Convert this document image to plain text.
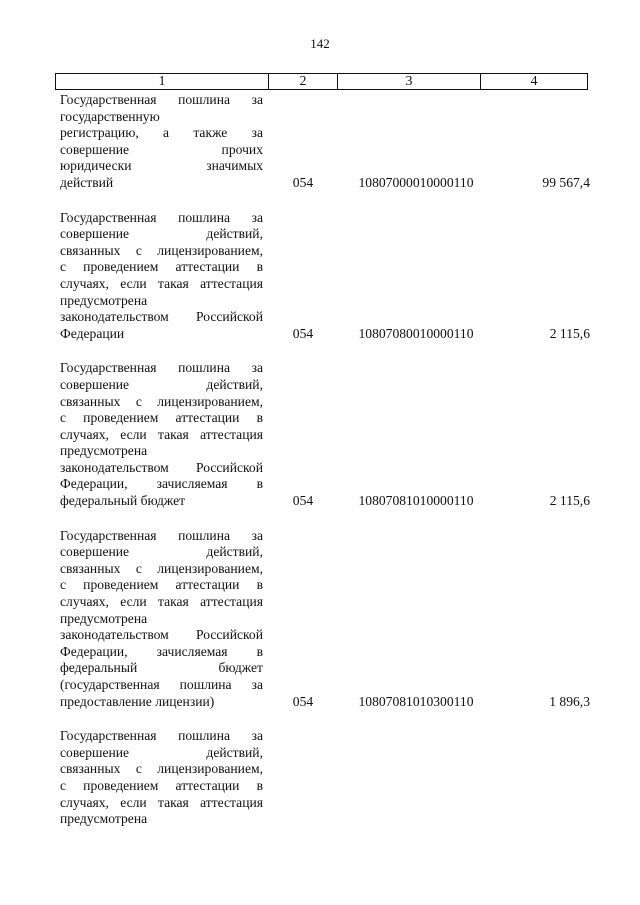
142
1	2	3	4
Государственная пошлина за
государственную
регистрацию, а также за
совершение прочих
юридически значимых
действий	054	10807000010000110	99 567,4
Государственная пошлина за
совершение действий,
связанных с лицензированием,
с проведением аттестации в
случаях, если такая аттестация
предусмотрена
законодательством Российской
Федерации	054	10807080010000110	2 115,6
Государственная пошлина за
совершение действий,
связанных с лицензированием,
с проведением аттестации в
случаях, если такая аттестация
предусмотрена
законодательством Российской
Федерации, зачисляемая в
федеральный бюджет	054	10807081010000110	2 115,6
Государственная пошлина за
совершение действий,
связанных с лицензированием,
с проведением аттестации в
случаях, если такая аттестация
предусмотрена
законодательством Российской
Федерации, зачисляемая в
федеральный бюджет
(государственная пошлина за
предоставление лицензии)	054	10807081010300110	1 896,3
Государственная пошлина за
совершение действий,
связанных с лицензированием,
с проведением аттестации в
случаях, если такая аттестация
предусмотрена
